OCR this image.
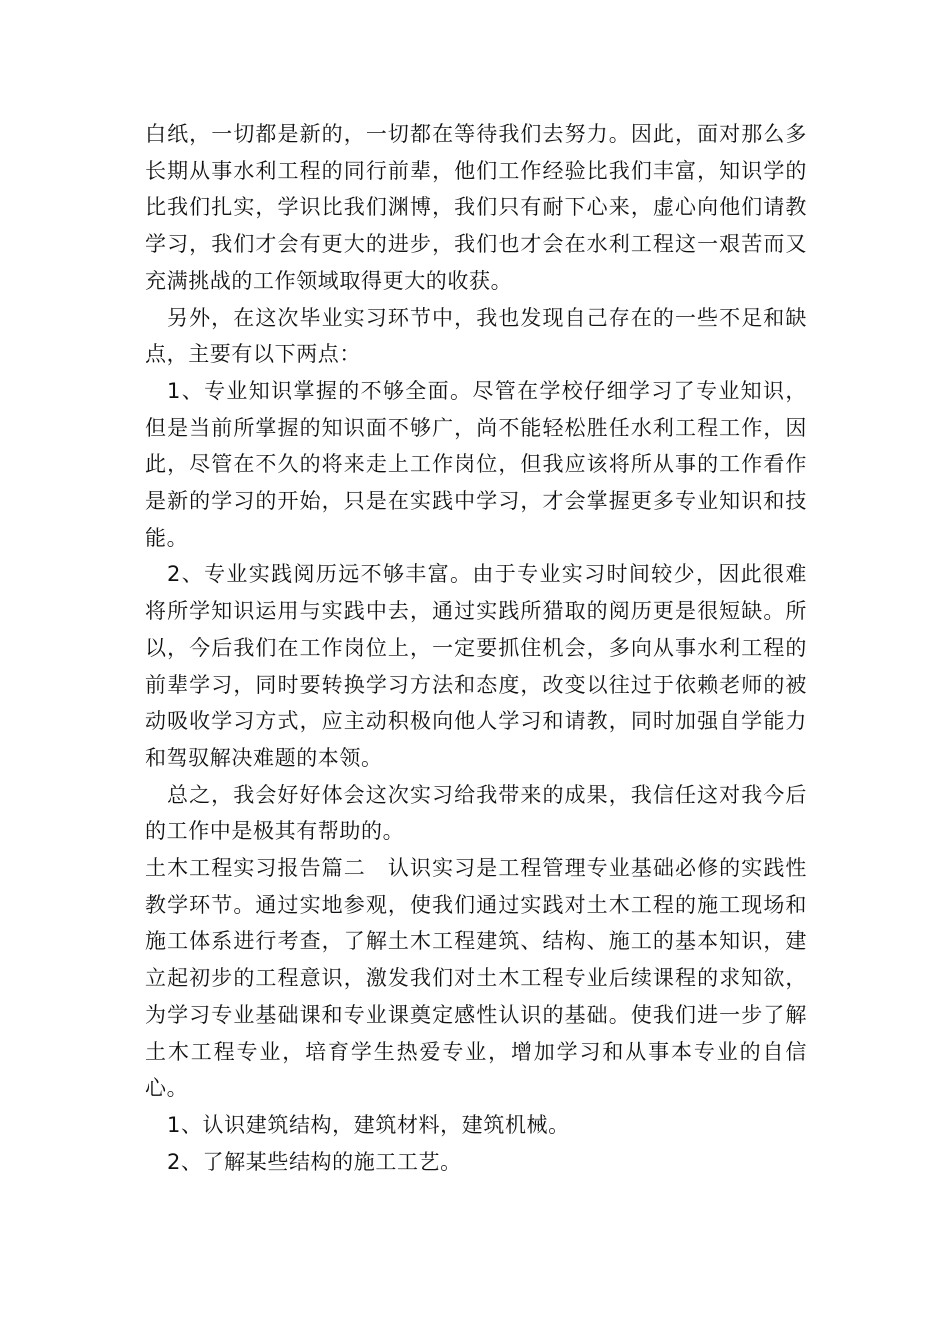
白纸，一切都是新的，一切都在等待我们去努力。因此，面对那么多长期从事水利工程的同行前辈，他们工作经验比我们丰富，知识学的比我们扎实，学识比我们渊博，我们只有耐下心来，虚心向他们请教学习，我们才会有更大的进步，我们也才会在水利工程这一艰苦而又充满挑战的工作领域取得更大的收获。

另外，在这次毕业实习环节中，我也发现自己存在的一些不足和缺点，主要有以下两点：

1、专业知识掌握的不够全面。尽管在学校仔细学习了专业知识，但是当前所掌握的知识面不够广，尚不能轻松胜任水利工程工作，因此，尽管在不久的将来走上工作岗位，但我应该将所从事的工作看作是新的学习的开始，只是在实践中学习，才会掌握更多专业知识和技能。

2、专业实践阅历远不够丰富。由于专业实习时间较少，因此很难将所学知识运用与实践中去，通过实践所猎取的阅历更是很短缺。所以，今后我们在工作岗位上，一定要抓住机会，多向从事水利工程的前辈学习，同时要转换学习方法和态度，改变以往过于依赖老师的被动吸收学习方式，应主动积极向他人学习和请教，同时加强自学能力和驾驭解决难题的本领。

总之，我会好好体会这次实习给我带来的成果，我信任这对我今后的工作中是极其有帮助的。

土木工程实习报告篇二　认识实习是工程管理专业基础必修的实践性教学环节。通过实地参观，使我们通过实践对土木工程的施工现场和施工体系进行考查，了解土木工程建筑、结构、施工的基本知识，建立起初步的工程意识，激发我们对土木工程专业后续课程的求知欲，为学习专业基础课和专业课奠定感性认识的基础。使我们进一步了解土木工程专业，培育学生热爱专业，增加学习和从事本专业的自信心。

1、认识建筑结构，建筑材料，建筑机械。

2、了解某些结构的施工工艺。
